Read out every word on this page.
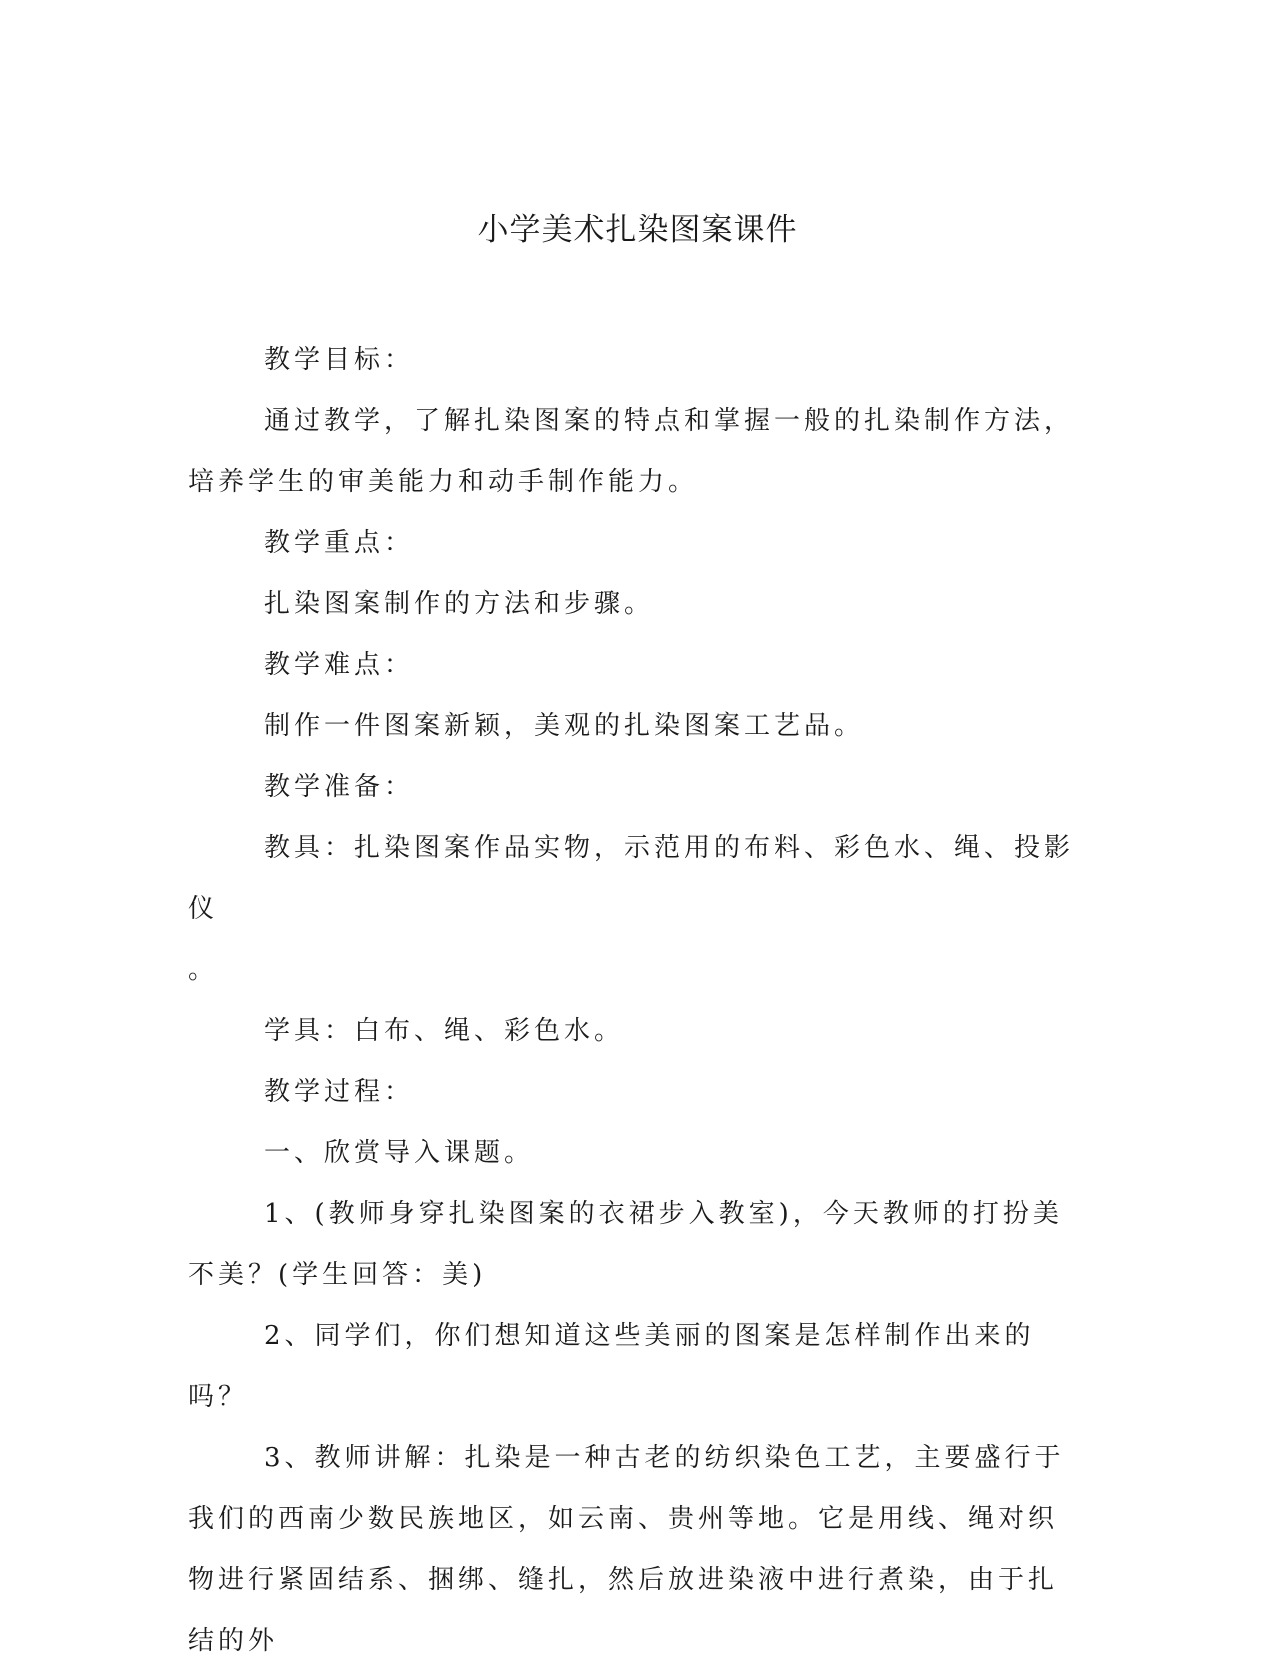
小学美术扎染图案课件

教学目标：

通过教学，了解扎染图案的特点和掌握一般的扎染制作方法，培养学生的审美能力和动手制作能力。

教学重点：

扎染图案制作的方法和步骤。

教学难点：

制作一件图案新颖，美观的扎染图案工艺品。

教学准备：

教具：扎染图案作品实物，示范用的布料、彩色水、绳、投影仪
。

学具：白布、绳、彩色水。

教学过程：

一、欣赏导入课题。

1、(教师身穿扎染图案的衣裙步入教室)，今天教师的打扮美不美？(学生回答：美)

2、同学们，你们想知道这些美丽的图案是怎样制作出来的吗？

3、教师讲解：扎染是一种古老的纺织染色工艺，主要盛行于我们的西南少数民族地区，如云南、贵州等地。它是用线、绳对织物进行紧固结系、捆绑、缝扎，然后放进染液中进行煮染，由于扎结的外
